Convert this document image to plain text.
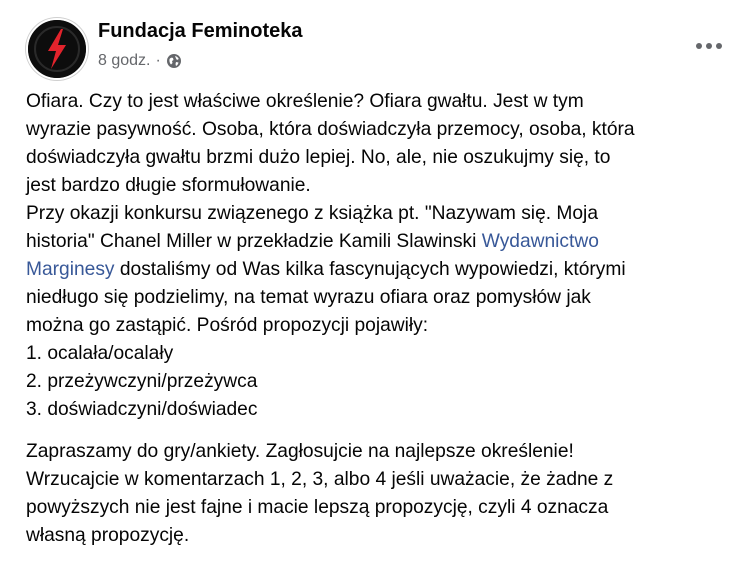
Fundacja Feminoteka
8 godz. ·

Ofiara. Czy to jest właściwe określenie? Ofiara gwałtu. Jest w tym

wyrazie pasywność. Osoba, która doświadczyła przemocy, osoba, która

doświadczyła gwałtu brzmi dużo lepiej. No, ale, nie oszukujmy się, to

jest bardzo długie sformułowanie.

Przy okazji konkursu związenego z książka pt. "Nazywam się. Moja

historia" Chanel Miller w przekładzie Kamili Slawinski Wydawnictwo

Marginesy dostaliśmy od Was kilka fascynujących wypowiedzi, którymi

niedługo się podzielimy, na temat wyrazu ofiara oraz pomysłów jak

można go zastąpić. Pośród propozycji pojawiły:

1. ocalała/ocalały

2. przeżywczyni/przeżywca

3. doświadczyni/doświadec

Zapraszamy do gry/ankiety. Zagłosujcie na najlepsze określenie!

Wrzucajcie w komentarzach 1, 2, 3, albo 4 jeśli uważacie, że żadne z

powyższych nie jest fajne i macie lepszą propozycję, czyli 4 oznacza

własną propozycję.
